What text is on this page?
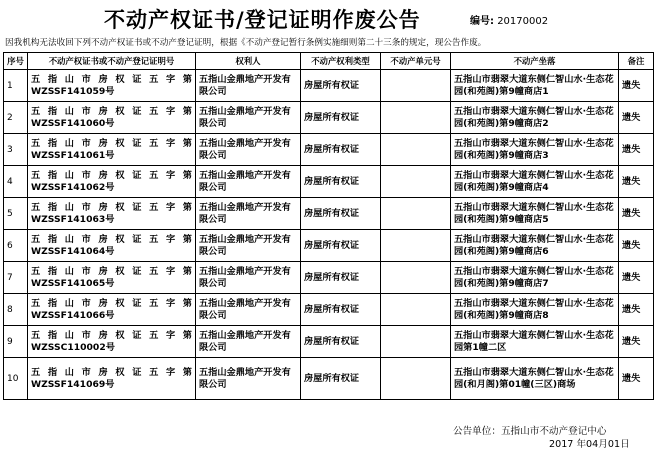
不动产权证书/登记证明作废公告	编号: 20170002
因我机构无法收回下列不动产权证书或不动产登记证明，根据《不动产登记暂行条例实施细则第二十三条的规定，现公告作废。
序号	不动产权证书或不动产登记证明号	权利人	不动产权利类型	不动产单元号	不动产坐落	备注
1	五指山市房权证五字第
WZSSF141059号	五指山金鼎地产开发有限公司	房屋所有权证		五指山市翡翠大道东侧仁智山水·生态花园(和苑阁)第9幢商店1	遗失
2	五指山市房权证五字第
WZSSF141060号	五指山金鼎地产开发有限公司	房屋所有权证		五指山市翡翠大道东侧仁智山水·生态花园(和苑阁)第9幢商店2	遗失
3	五指山市房权证五字第
WZSSF141061号	五指山金鼎地产开发有限公司	房屋所有权证		五指山市翡翠大道东侧仁智山水·生态花园(和苑阁)第9幢商店3	遗失
4	五指山市房权证五字第
WZSSF141062号	五指山金鼎地产开发有限公司	房屋所有权证		五指山市翡翠大道东侧仁智山水·生态花园(和苑阁)第9幢商店4	遗失
5	五指山市房权证五字第
WZSSF141063号	五指山金鼎地产开发有限公司	房屋所有权证		五指山市翡翠大道东侧仁智山水·生态花园(和苑阁)第9幢商店5	遗失
6	五指山市房权证五字第
WZSSF141064号	五指山金鼎地产开发有限公司	房屋所有权证		五指山市翡翠大道东侧仁智山水·生态花园(和苑阁)第9幢商店6	遗失
7	五指山市房权证五字第
WZSSF141065号	五指山金鼎地产开发有限公司	房屋所有权证		五指山市翡翠大道东侧仁智山水·生态花园(和苑阁)第9幢商店7	遗失
8	五指山市房权证五字第
WZSSF141066号	五指山金鼎地产开发有限公司	房屋所有权证		五指山市翡翠大道东侧仁智山水·生态花园(和苑阁)第9幢商店8	遗失
9	五指山市房权证五字第
WZSSC110002号	五指山金鼎地产开发有限公司	房屋所有权证		五指山市翡翠大道东侧仁智山水·生态花园第1幢二区	遗失
10	五指山市房权证五字第
WZSSF141069号	五指山金鼎地产开发有限公司	房屋所有权证		五指山市翡翠大道东侧仁智山水·生态花园(和月阁)第01幢(三区)商场	遗失
公告单位：五指山市不动产登记中心
2017 年04月01日
